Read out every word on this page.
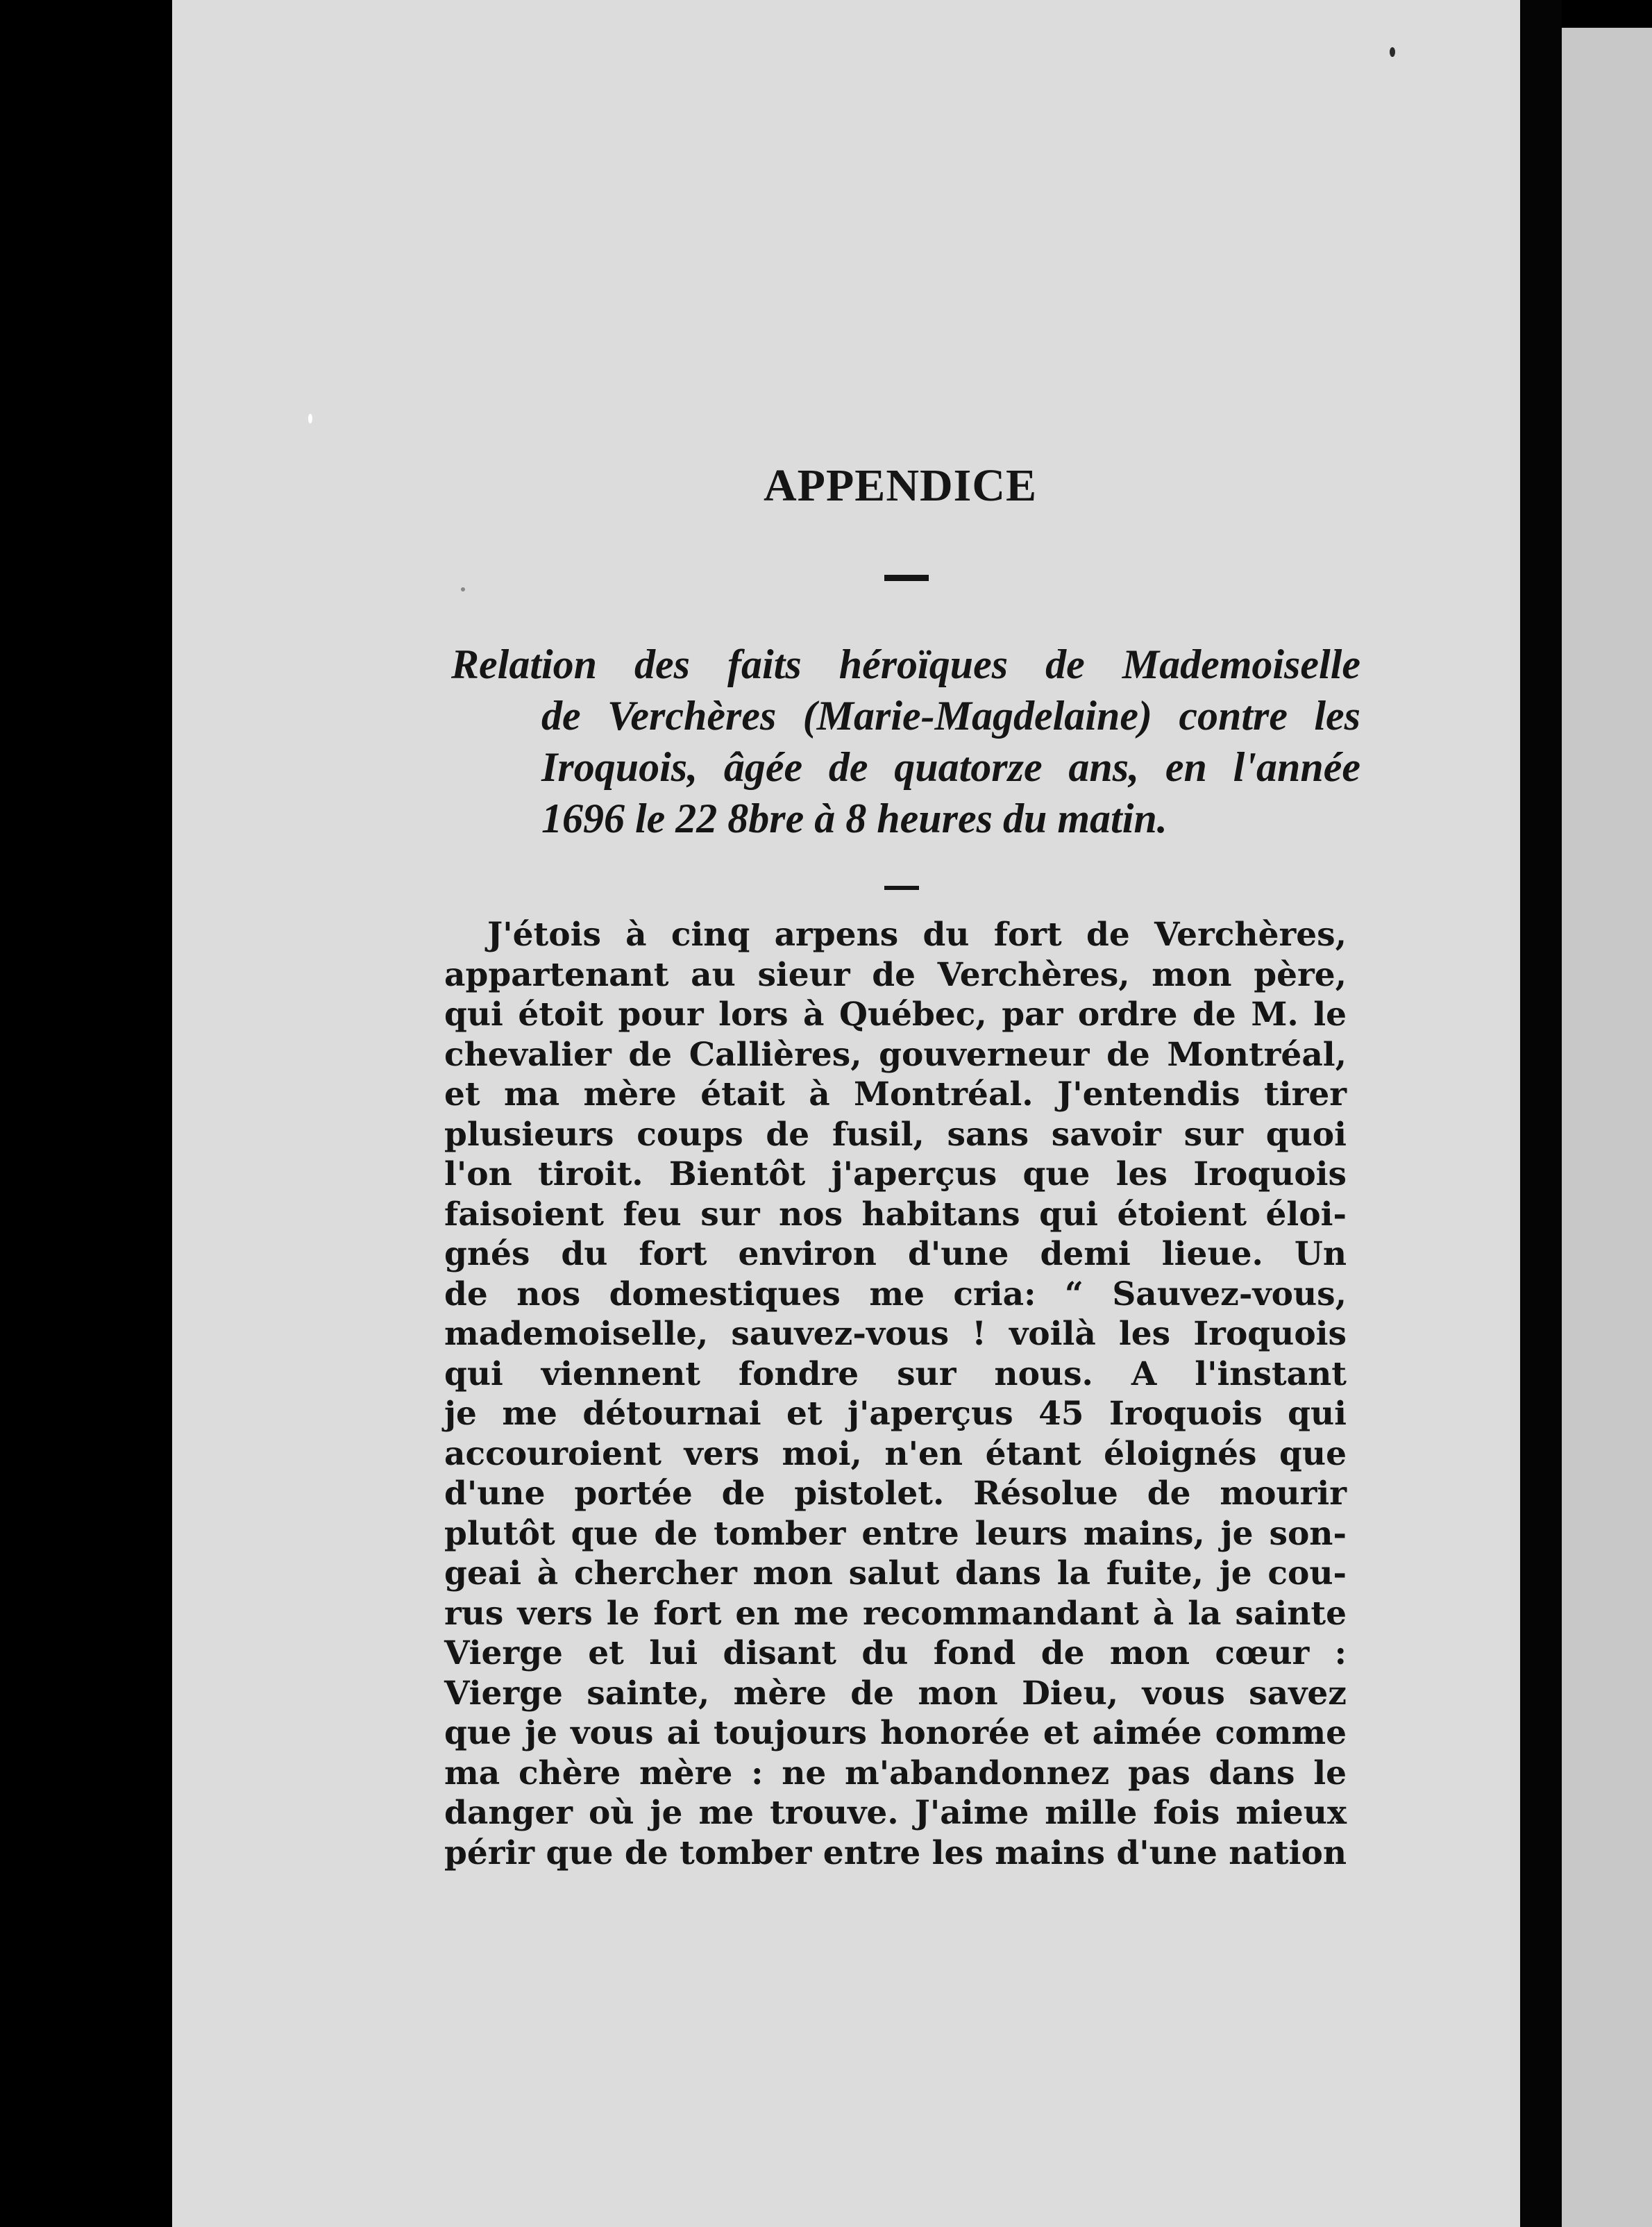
APPENDICE
Relation des faits héroïques de Mademoiselle
de Verchères (Marie-Magdelaine) contre les
Iroquois, âgée de quatorze ans, en l'année
1696 le 22 8bre à 8 heures du matin.
J'étois à cinq arpens du fort de Verchères,
appartenant au sieur de Verchères, mon père,
qui étoit pour lors à Québec, par ordre de M. le
chevalier de Callières, gouverneur de Montréal,
et ma mère était à Montréal. J'entendis tirer
plusieurs coups de fusil, sans savoir sur quoi
l'on tiroit. Bientôt j'aperçus que les Iroquois
faisoient feu sur nos habitans qui étoient éloi-
gnés du fort environ d'une demi lieue. Un
de nos domestiques me cria: “ Sauvez-vous,
mademoiselle, sauvez-vous ! voilà les Iroquois
qui viennent fondre sur nous. A l'instant
je me détournai et j'aperçus 45 Iroquois qui
accouroient vers moi, n'en étant éloignés que
d'une portée de pistolet. Résolue de mourir
plutôt que de tomber entre leurs mains, je son-
geai à chercher mon salut dans la fuite, je cou-
rus vers le fort en me recommandant à la sainte
Vierge et lui disant du fond de mon cœur :
Vierge sainte, mère de mon Dieu, vous savez
que je vous ai toujours honorée et aimée comme
ma chère mère : ne m'abandonnez pas dans le
danger où je me trouve. J'aime mille fois mieux
périr que de tomber entre les mains d'une nation
